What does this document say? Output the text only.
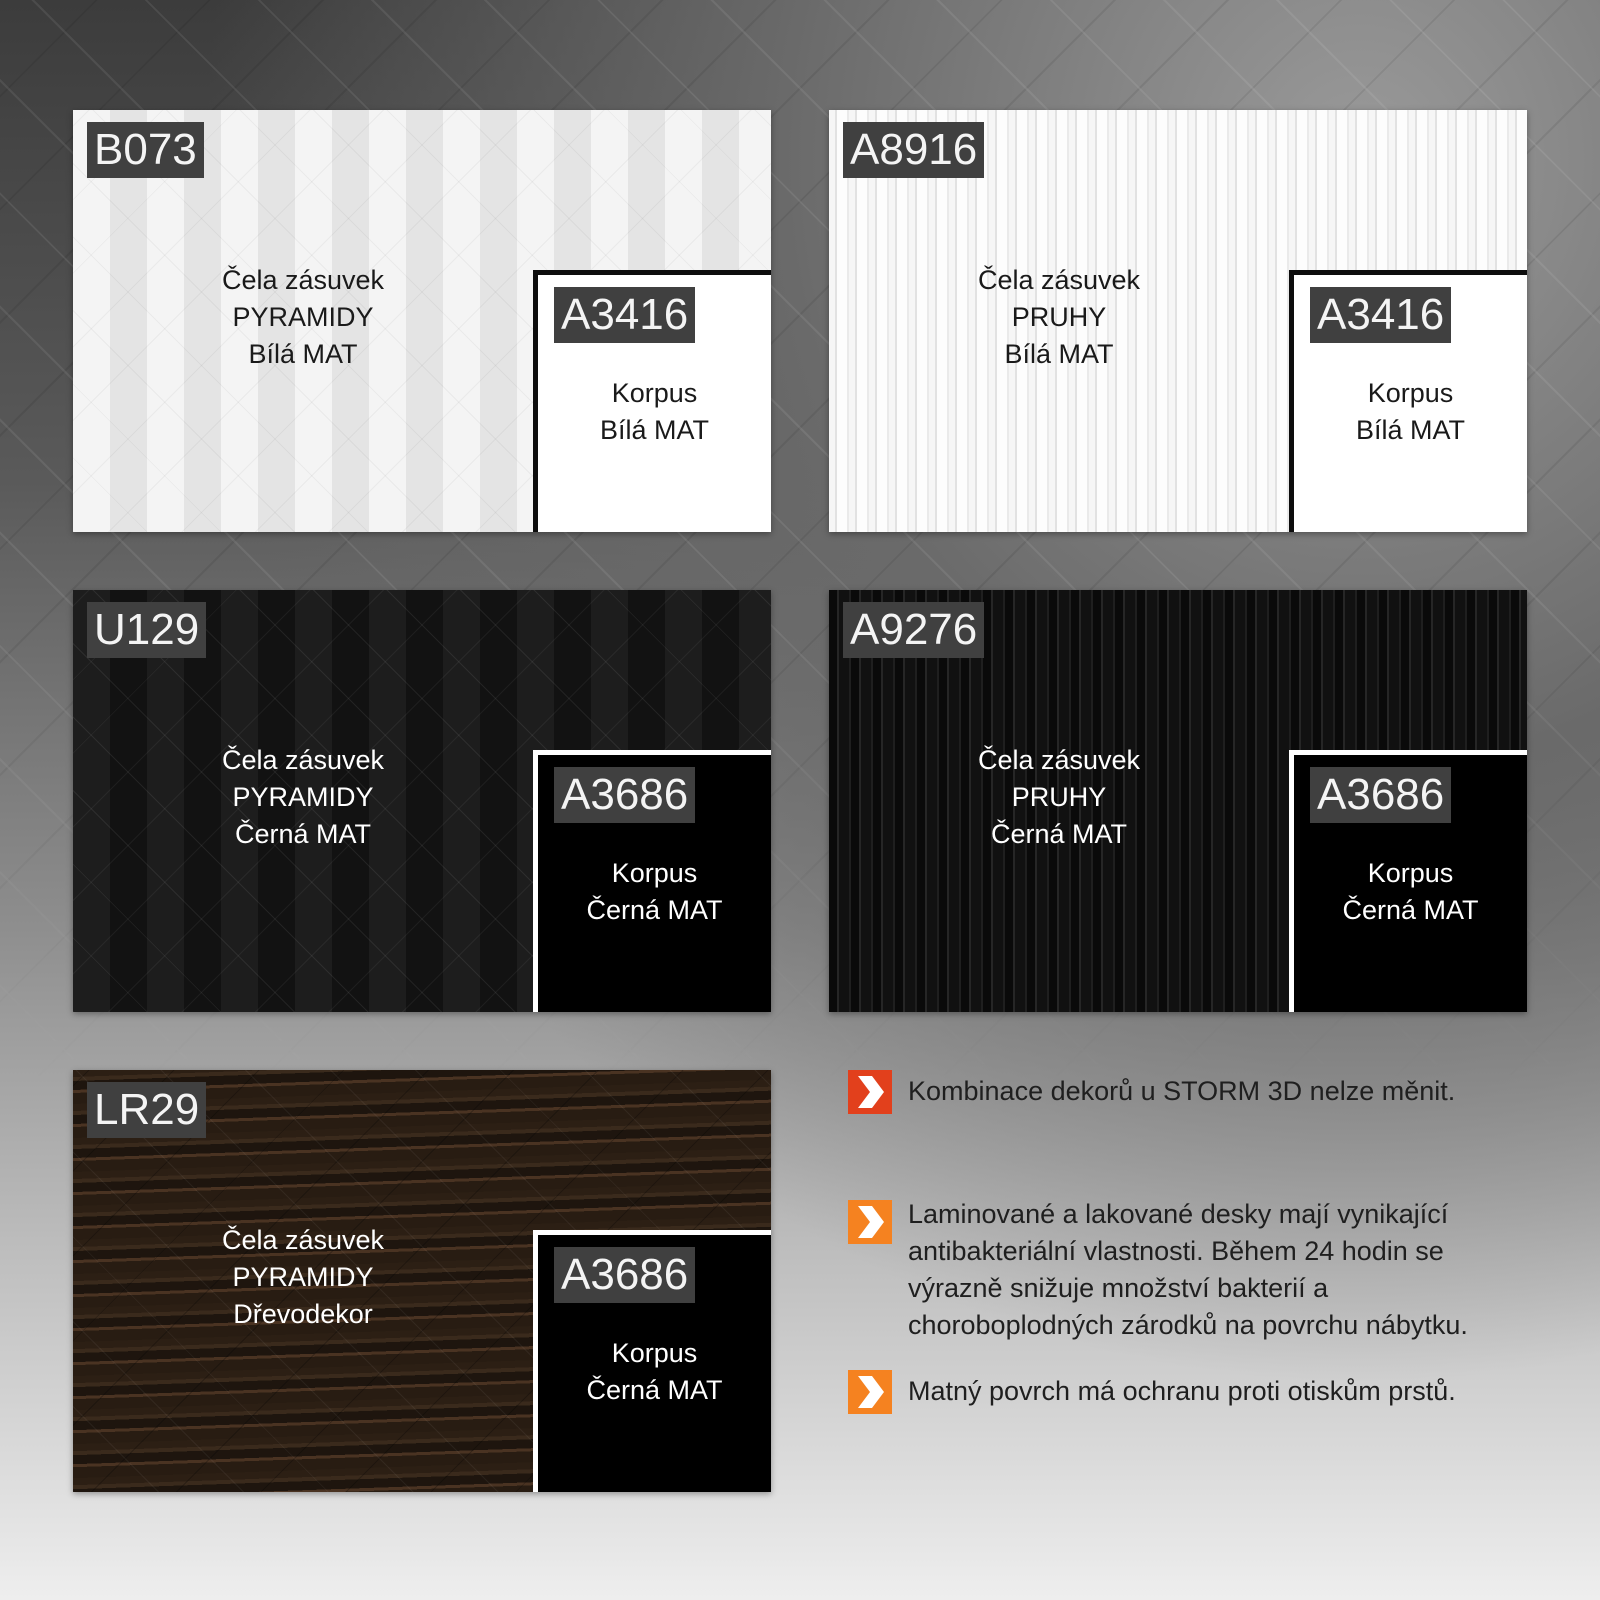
B073
Čela zásuvek
PYRAMIDY
Bílá MAT
A3416
Korpus
Bílá MAT
A8916
Čela zásuvek
PRUHY
Bílá MAT
A3416
Korpus
Bílá MAT
U129
Čela zásuvek
PYRAMIDY
Černá MAT
A3686
Korpus
Černá MAT
A9276
Čela zásuvek
PRUHY
Černá MAT
A3686
Korpus
Černá MAT
LR29
Čela zásuvek
PYRAMIDY
Dřevodekor
A3686
Korpus
Černá MAT
Kombinace dekorů u STORM 3D nelze měnit.
Laminované a lakované desky mají vynikající
antibakteriální vlastnosti. Během 24 hodin se
výrazně snižuje množství bakterií a
choroboplodných zárodků na povrchu nábytku.
Matný povrch má ochranu proti otiskům prstů.
